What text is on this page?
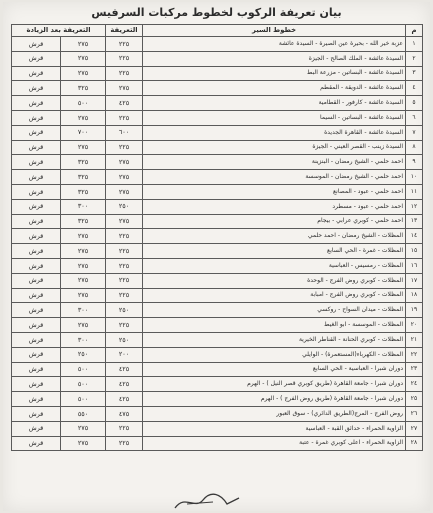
بيان تعريفة الركوب لخطوط مركبات السرفيس
م	خطوط السير	التعريفة	التعريفة بعد الزيادة	
١	عزبة خير الله - بحيرة عين الصيرة - السيدة عائشة	٢٢٥	٢٧٥	قرش
٢	السيدة عائشة - الملك الصالح - الجيزة	٢٢٥	٢٧٥	قرش
٣	السيدة عائشة - البساتين - مزرعة البط	٢٢٥	٢٧٥	قرش
٤	السيدة عائشة - الدويقة - المقطم	٢٧٥	٣٢٥	قرش
٥	السيدة عائشة - كارفور - القطامية	٤٢٥	٥٠٠	قرش
٦	السيدة عائشة - البساتين - السيما	٢٢٥	٢٧٥	قرش
٧	السيدة عائشة - القاهرة الجديدة	٦٠٠	٧٠٠	قرش
٨	السيدة زينب - القصر العيني - الجيزة	٢٢٥	٢٧٥	قرش
٩	احمد حلمي - الشيخ رمضان - البنزينة	٢٧٥	٣٢٥	قرش
١٠	احمد حلمي - الشيخ رمضان - الموسسة	٢٧٥	٣٢٥	قرش
١١	احمد حلمي - عبود - المصانع	٢٧٥	٣٢٥	قرش
١٢	احمد حلمي - عبود - مسطرد	٢٥٠	٣٠٠	قرش
١٣	احمد حلمي - كوبري عرابي - بيجام	٢٧٥	٣٢٥	قرش
١٤	المظلات - الشيخ رمضان - احمد حلمي	٢٢٥	٢٧٥	قرش
١٥	المظلات - غمرة - الحي السابع	٢٢٥	٢٧٥	قرش
١٦	المظلات - رمسيس - العباسية	٢٢٥	٢٧٥	قرش
١٧	المظلات - كوبري روض الفرج - الوحدة	٢٢٥	٢٧٥	قرش
١٨	المظلات - كوبري روض الفرج - امبابة	٢٢٥	٢٧٥	قرش
١٩	المظلات - ميدان السواح - روكسي	٢٥٠	٣٠٠	قرش
٢٠	المظلات - الموسسة - ابو الغيط	٢٢٥	٢٧٥	قرش
٢١	المظلات - كوبري الحنانة - القناطر الخيرية	٢٥٠	٣٠٠	قرش
٢٢	المظلات - الكهرباء(المستعمرة) - الوايلي	٢٠٠	٢٥٠	قرش
٢٣	دوران شبرا - العباسية - الحي السابع	٤٢٥	٥٠٠	قرش
٢٤	دوران شبرا - جامعة القاهرة (طريق كوبري قصر النيل ) - الهرم	٤٢٥	٥٠٠	قرش
٢٥	دوران شبرا - جامعة القاهرة (طريق روض الفرج ) - الهرم	٤٢٥	٥٠٠	قرش
٢٦	روض الفرج - المرج(الطريق الدائري) - سوق العبور	٤٧٥	٥٥٠	قرش
٢٧	الزاوية الحمراء - حدائق القبة - العباسية	٢٢٥	٢٧٥	قرش
٢٨	الزاوية الحمراء - اعلى كوبري غمرة - عتبة	٢٢٥	٢٧٥	قرش
